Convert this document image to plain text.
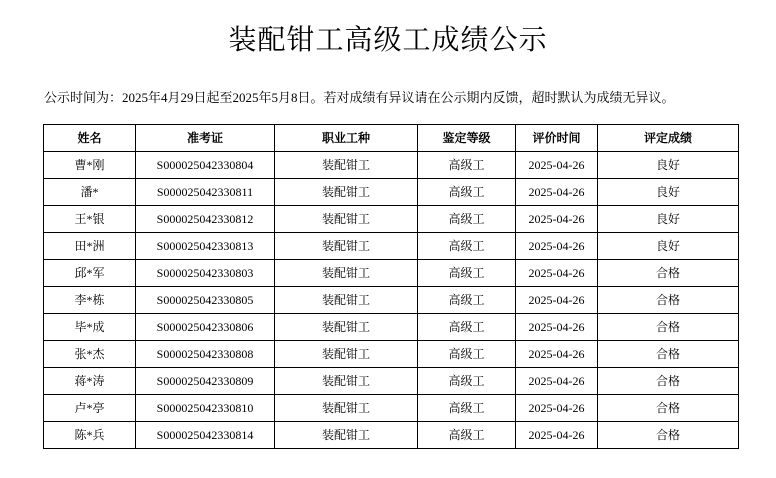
装配钳工高级工成绩公示
公示时间为：2025年4月29日起至2025年5月8日。若对成绩有异议请在公示期内反馈，超时默认为成绩无异议。
姓名	准考证	职业工种	鉴定等级	评价时间	评定成绩
曹*刚	S000025042330804	装配钳工	高级工	2025-04-26	良好
潘*	S000025042330811	装配钳工	高级工	2025-04-26	良好
王*银	S000025042330812	装配钳工	高级工	2025-04-26	良好
田*洲	S000025042330813	装配钳工	高级工	2025-04-26	良好
邱*军	S000025042330803	装配钳工	高级工	2025-04-26	合格
李*栋	S000025042330805	装配钳工	高级工	2025-04-26	合格
毕*成	S000025042330806	装配钳工	高级工	2025-04-26	合格
张*杰	S000025042330808	装配钳工	高级工	2025-04-26	合格
蒋*涛	S000025042330809	装配钳工	高级工	2025-04-26	合格
卢*亭	S000025042330810	装配钳工	高级工	2025-04-26	合格
陈*兵	S000025042330814	装配钳工	高级工	2025-04-26	合格
